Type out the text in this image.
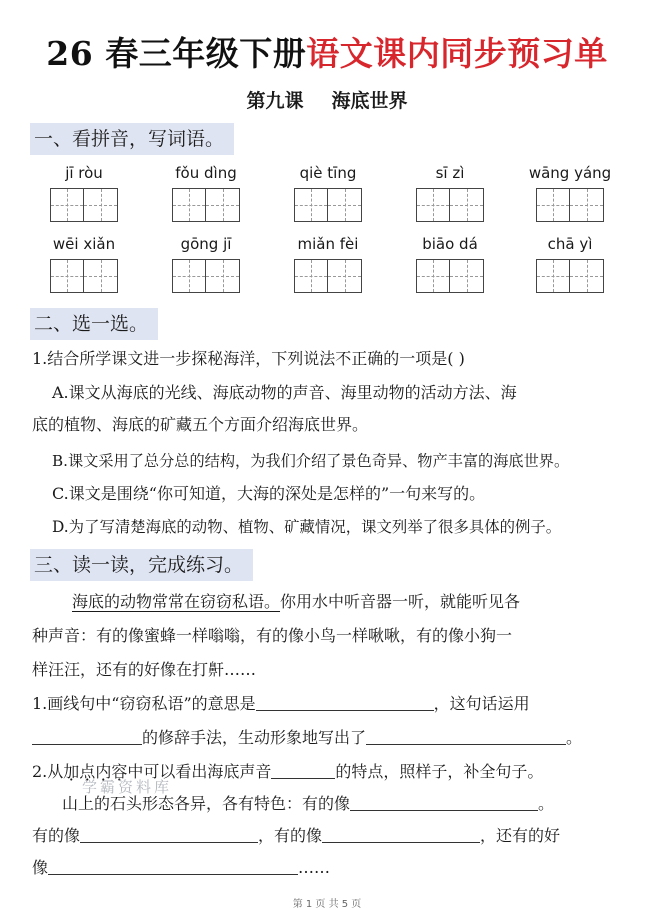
26 春三年级下册语文课内同步预习单
第九课 海底世界
一、看拼音，写词语。
jī ròu	fǒu dìng	qiè tīng	sī zì	wāng yáng
wēi xiǎn	gōng jī	miǎn fèi	biāo dá	chā yì
二、选一选。
1.结合所学课文进一步探秘海洋，下列说法不正确的一项是( )
A.课文从海底的光线、海底动物的声音、海里动物的活动方法、海
底的植物、海底的矿藏五个方面介绍海底世界。
B.课文采用了总分总的结构，为我们介绍了景色奇异、物产丰富的海底世界。
C.课文是围绕“你可知道，大海的深处是怎样的”一句来写的。
D.为了写清楚海底的动物、植物、矿藏情况，课文列举了很多具体的例子。
三、读一读，完成练习。
海底的动物常常在窃窃私语。你用水中听音器一听，就能听见各
种声音：有的像蜜蜂一样嗡嗡，有的像小鸟一样啾啾，有的像小狗一
样汪汪，还有的好像在打鼾……
1.画线句中“窃窃私语”的意思是	，这句话运用
的修辞手法，生动形象地写出了	。
2.从加点内容中可以看出海底声音	的特点，照样子，补全句子。
山上的石头形态各异，各有特色：有的像	。
有的像	，有的像	，还有的好
像	……
学霸资料库
第 1 页 共 5 页
